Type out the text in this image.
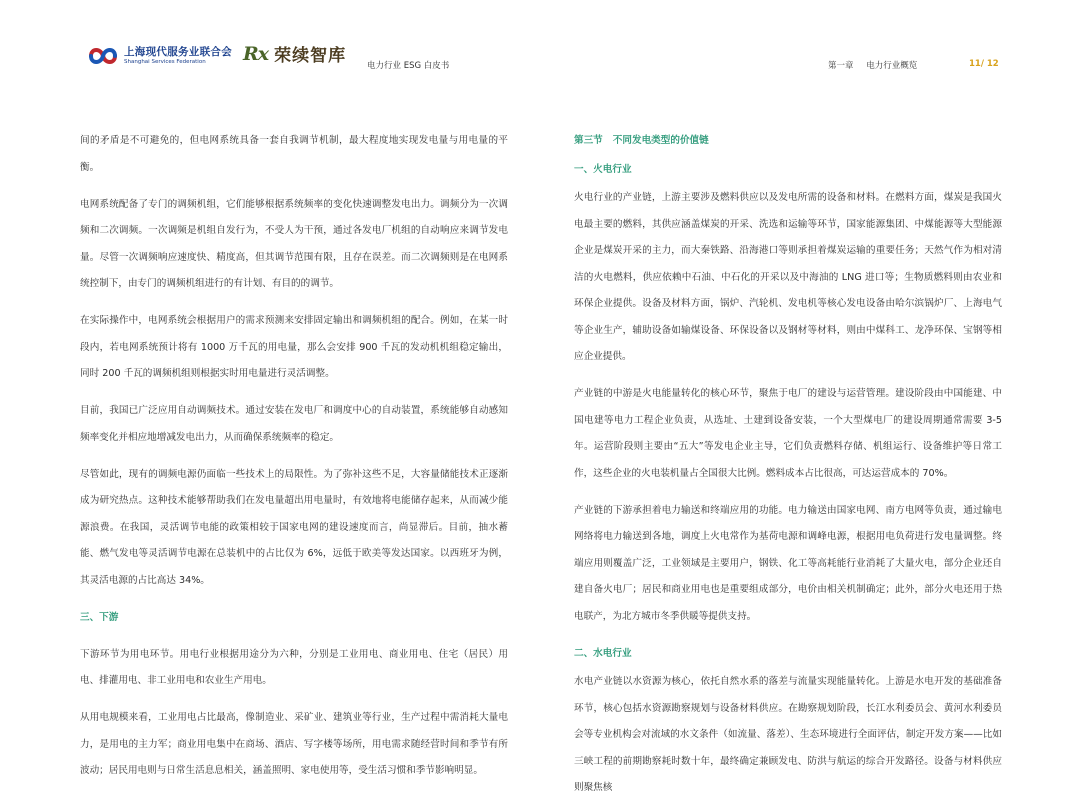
上海现代服务业联合会
Shanghai Services Federation	Rx 荣续智库 电力行业 ESG 白皮书	第一章 电力行业概览	11/ 12

间的矛盾是不可避免的，但电网系统具备一套自我调节机制，最大程度地实现发电量与用电量的平衡。

电网系统配备了专门的调频机组，它们能够根据系统频率的变化快速调整发电出力。调频分为一次调频和二次调频。一次调频是机组自发行为，不受人为干预，通过各发电厂机组的自动响应来调节发电量。尽管一次调频响应速度快、精度高，但其调节范围有限，且存在误差。而二次调频则是在电网系统控制下，由专门的调频机组进行的有计划、有目的的调节。

在实际操作中，电网系统会根据用户的需求预测来安排固定输出和调频机组的配合。例如，在某一时段内，若电网系统预计将有 1000 万千瓦的用电量，那么会安排 900 千瓦的发动机机组稳定输出，同时 200 千瓦的调频机组则根据实时用电量进行灵活调整。

目前，我国已广泛应用自动调频技术。通过安装在发电厂和调度中心的自动装置，系统能够自动感知频率变化并相应地增减发电出力，从而确保系统频率的稳定。

尽管如此，现有的调频电源仍面临一些技术上的局限性。为了弥补这些不足，大容量储能技术正逐渐成为研究热点。这种技术能够帮助我们在发电量超出用电量时，有效地将电能储存起来，从而减少能源浪费。在我国，灵活调节电能的政策相较于国家电网的建设速度而言，尚显滞后。目前，抽水蓄能、燃气发电等灵活调节电源在总装机中的占比仅为 6%，远低于欧美等发达国家。以西班牙为例，其灵活电源的占比高达 34%。

三、下游

下游环节为用电环节。用电行业根据用途分为六种，分别是工业用电、商业用电、住宅（居民）用电、排灌用电、非工业用电和农业生产用电。

从用电规模来看，工业用电占比最高，像制造业、采矿业、建筑业等行业，生产过程中需消耗大量电力，是用电的主力军；商业用电集中在商场、酒店、写字楼等场所，用电需求随经营时间和季节有所波动；居民用电则与日常生活息息相关，涵盖照明、家电使用等，受生活习惯和季节影响明显。

第三节   不同发电类型的价值链
一、火电行业

火电行业的产业链，上游主要涉及燃料供应以及发电所需的设备和材料。在燃料方面，煤炭是我国火电最主要的燃料，其供应涵盖煤炭的开采、洗选和运输等环节，国家能源集团、中煤能源等大型能源企业是煤炭开采的主力，而大秦铁路、沿海港口等则承担着煤炭运输的重要任务；天然气作为相对清洁的火电燃料，供应依赖中石油、中石化的开采以及中海油的 LNG 进口等；生物质燃料则由农业和环保企业提供。设备及材料方面，锅炉、汽轮机、发电机等核心发电设备由哈尔滨锅炉厂、上海电气等企业生产，辅助设备如输煤设备、环保设备以及钢材等材料，则由中煤科工、龙净环保、宝钢等相应企业提供。

产业链的中游是火电能量转化的核心环节，聚焦于电厂的建设与运营管理。建设阶段由中国能建、中国电建等电力工程企业负责，从选址、土建到设备安装，一个大型煤电厂的建设周期通常需要 3-5 年。运营阶段则主要由“五大”等发电企业主导，它们负责燃料存储、机组运行、设备维护等日常工作，这些企业的火电装机量占全国很大比例。燃料成本占比很高，可达运营成本的 70%。

产业链的下游承担着电力输送和终端应用的功能。电力输送由国家电网、南方电网等负责，通过输电网络将电力输送到各地，调度上火电常作为基荷电源和调峰电源，根据用电负荷进行发电量调整。终端应用则覆盖广泛，工业领域是主要用户，钢铁、化工等高耗能行业消耗了大量火电，部分企业还自建自备火电厂；居民和商业用电也是重要组成部分，电价由相关机制确定；此外，部分火电还用于热电联产，为北方城市冬季供暖等提供支持。

二、水电行业

水电产业链以水资源为核心，依托自然水系的落差与流量实现能量转化。上游是水电开发的基础准备环节，核心包括水资源勘察规划与设备材料供应。在勘察规划阶段，长江水利委员会、黄河水利委员会等专业机构会对流域的水文条件（如流量、落差）、生态环境进行全面评估，制定开发方案——比如三峡工程的前期勘察耗时数十年，最终确定兼顾发电、防洪与航运的综合开发路径。设备与材料供应则聚焦核
